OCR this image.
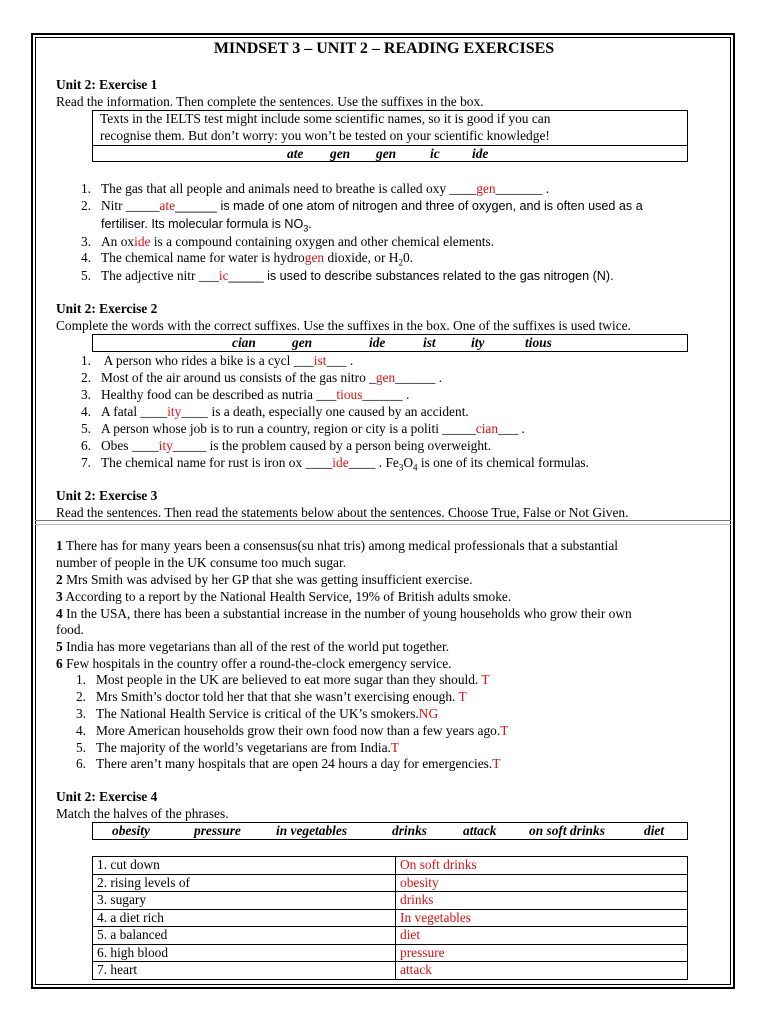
MINDSET 3 – UNIT 2 – READING EXERCISES
Unit 2: Exercise 1
Read the information. Then complete the sentences. Use the suffixes in the box.
Texts in the IELTS test might include some scientific names, so it is good if you can
recognise them. But don’t worry: you won’t be tested on your scientific knowledge!
ate gen gen	ic ide
1. The gas that all people and animals need to breathe is called oxy ____gen_______ .
2. Nitr _____ate______ is made of one atom of nitrogen and three of oxygen, and is often used as a
fertiliser. Its molecular formula is $NO_3$.
3. An oxide is a compound containing oxygen and other chemical elements.
4. The chemical name for water is hydrogen dioxide, or $H_20$.
5. The adjective nitr ___ic_____ is used to describe substances related to the gas nitrogen (N).
Unit 2: Exercise 2
Complete the words with the correct suffixes. Use the suffixes in the box. One of the suffixes is used twice.
cian	gen	ide	ist	ity	tious
1. A person who rides a bike is a cycl ___ist___ .
2. Most of the air around us consists of the gas nitro _gen______ .
3. Healthy food can be described as nutria ___tious______ .
4. A fatal ____ity____ is a death, especially one caused by an accident.
5. A person whose job is to run a country, region or city is a politi _____cian___ .
6. Obes ____ity_____ is the problem caused by a person being overweight.
7. The chemical name for rust is iron ox ____ide____ . $Fe_3O_4$ is one of its chemical formulas.
Unit 2: Exercise 3
Read the sentences. Then read the statements below about the sentences. Choose True, False or Not Given.
1 There has for many years been a consensus(su nhat tris) among medical professionals that a substantial
number of people in the UK consume too much sugar.
2 Mrs Smith was advised by her GP that she was getting insufficient exercise.
3 According to a report by the National Health Service, 19% of British adults smoke.
4 In the USA, there has been a substantial increase in the number of young households who grow their own
food.
5 India has more vegetarians than all of the rest of the world put together.
6 Few hospitals in the country offer a round-the-clock emergency service.
1. Most people in the UK are believed to eat more sugar than they should. T
2. Mrs Smith’s doctor told her that that she wasn’t exercising enough. T
3. The National Health Service is critical of the UK’s smokers.NG
4. More American households grow their own food now than a few years ago.T
5. The majority of the world’s vegetarians are from India.T
6. There aren’t many hospitals that are open 24 hours a day for emergencies.T
Unit 2: Exercise 4
Match the halves of the phrases.
obesity	pressure	in vegetables	drinks	attack on soft drinks	diet
1. cut down	On soft drinks
2. rising levels of	obesity
3. sugary	drinks
4. a diet rich	In vegetables
5. a balanced	diet
6. high blood	pressure
7. heart	attack
